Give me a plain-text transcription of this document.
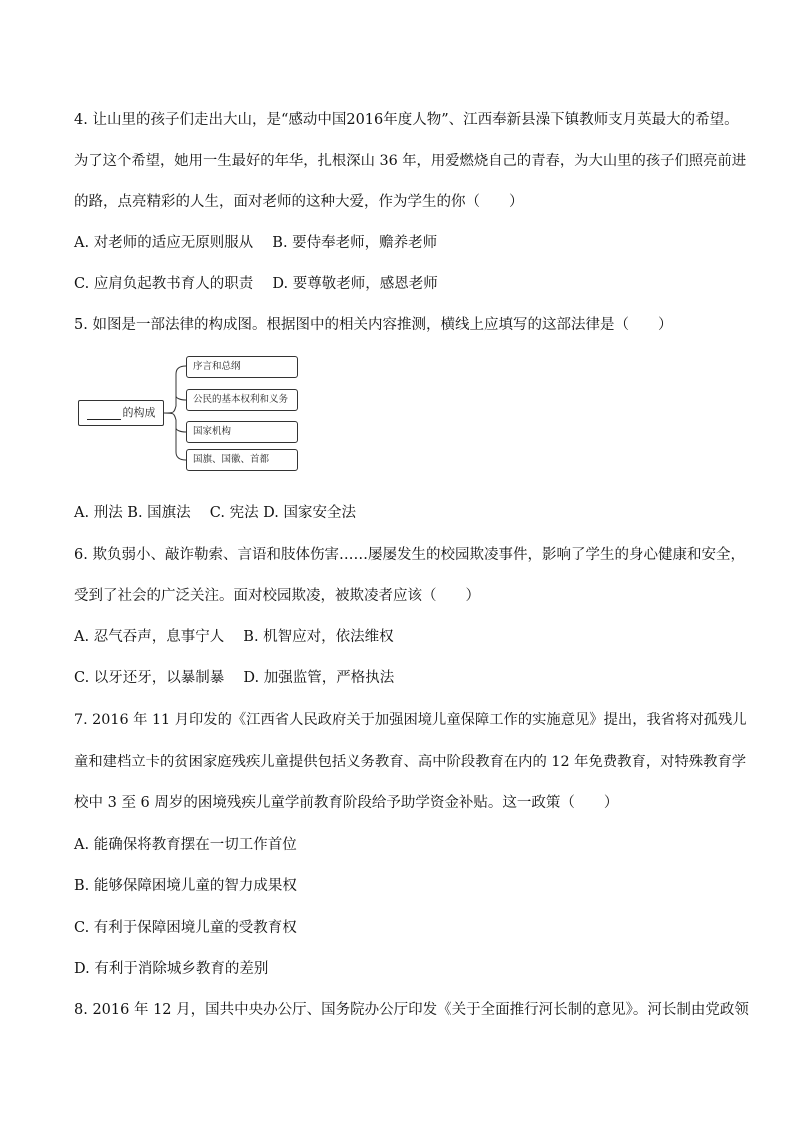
4. 让山里的孩子们走出大山，是“感动中国2016年度人物”、江西奉新县澡下镇教师支月英最大的希望。
为了这个希望，她用一生最好的年华，扎根深山 36 年，用爱燃烧自己的青春，为大山里的孩子们照亮前进
的路，点亮精彩的人生，面对老师的这种大爱，作为学生的你（　　）
A. 对老师的适应无原则服从　 B. 要侍奉老师，赡养老师
C. 应肩负起教书育人的职责　 D. 要尊敬老师，感恩老师
5. 如图是一部法律的构成图。根据图中的相关内容推测，横线上应填写的这部法律是（　　）
的构成
序言和总纲
公民的基本权利和义务
国家机构
国旗、国徽、首都
A. 刑法 B. 国旗法　 C. 宪法 D. 国家安全法
6. 欺负弱小、敲诈勒索、言语和肢体伤害……屡屡发生的校园欺凌事件，影响了学生的身心健康和安全，
受到了社会的广泛关注。面对校园欺凌，被欺凌者应该（　　）
A. 忍气吞声，息事宁人　 B. 机智应对，依法维权
C. 以牙还牙，以暴制暴　 D. 加强监管，严格执法
7. 2016 年 11 月印发的《江西省人民政府关于加强困境儿童保障工作的实施意见》提出，我省将对孤残儿
童和建档立卡的贫困家庭残疾儿童提供包括义务教育、高中阶段教育在内的 12 年免费教育，对特殊教育学
校中 3 至 6 周岁的困境残疾儿童学前教育阶段给予助学资金补贴。这一政策（　　）
A. 能确保将教育摆在一切工作首位
B. 能够保障困境儿童的智力成果权
C. 有利于保障困境儿童的受教育权
D. 有利于消除城乡教育的差别
8. 2016 年 12 月，国共中央办公厅、国务院办公厅印发《关于全面推行河长制的意见》。河长制由党政领
